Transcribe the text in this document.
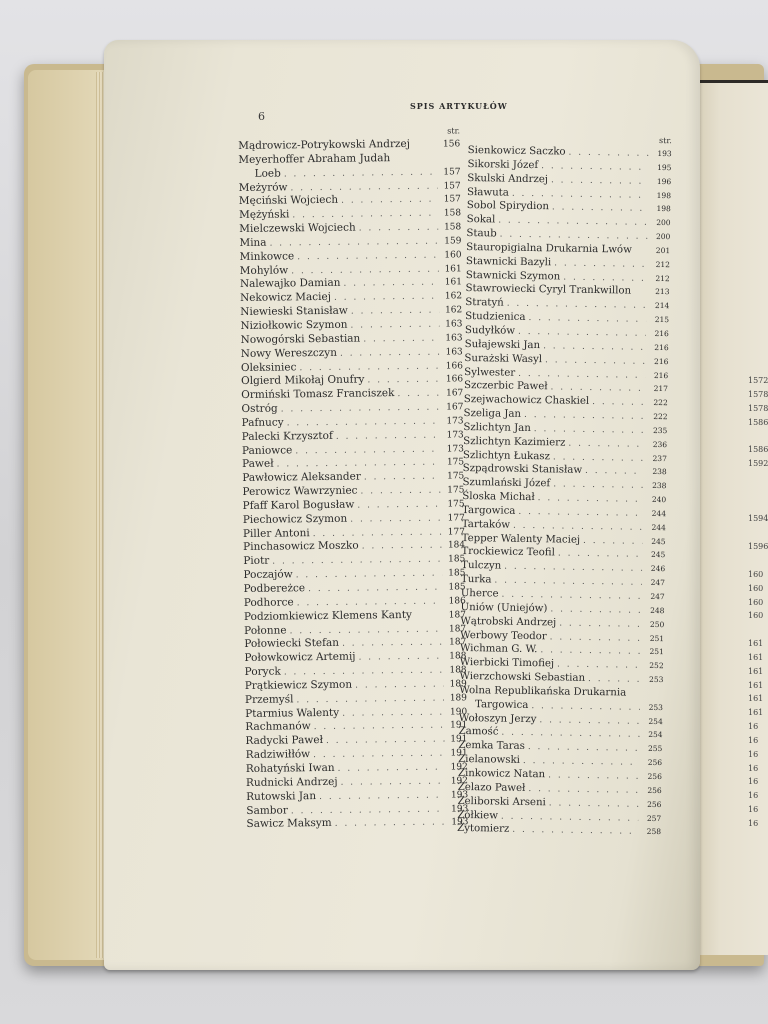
6
SPIS ARTYKUŁÓW
str.
Mądrowicz-Potrykowski Andrzej	156
Meyerhoffer Abraham Judah
Loeb . . .	157
Meżyrów . . .	157
Męciński Wojciech . . .	157
Mężyński . . .	158
Mielczewski Wojciech . . .	158
Mina . . .	159
Minkowce . . .	160
Mohylów . . .	161
Nalewajko Damian . . .	161
Nekowicz Maciej . . .	162
Niewieski Stanisław . . .	162
Niziołkowic Szymon . . .	163
Nowogórski Sebastian . . .	163
Nowy Wereszczyn . . .	163
Oleksiniec . . .	166
Olgierd Mikołaj Onufry . . .	166
Ormiński Tomasz Franciszek . . .	167
Ostróg . . .	167
Pafnucy . . .	173
Palecki Krzysztof . . .	173
Paniowce . . .	173
Paweł . . .	175
Pawłowicz Aleksander . . .	175
Perowicz Wawrzyniec . . .	175
Pfaff Karol Bogusław . . .	175
Piechowicz Szymon . . .	177
Piller Antoni . . .	177
Pinchasowicz Moszko . . .	184
Piotr . . .	185
Poczajów . . .	185
Podbereżce . . .	185
Podhorce . . .	186
Podziomkiewicz Klemens Kanty	187
Połonne . . .	187
Połowiecki Stefan . . .	187
Połowkowicz Artemij . . .	188
Poryck . . .	188
Prątkiewicz Szymon . . .	189
Przemyśl . . .	189
Ptarmius Walenty . . .	190
Rachmanów . . .	191
Radycki Paweł . . .	191
Radziwiłłów . . .	191
Rohatyński Iwan . . .	192
Rudnicki Andrzej . . .	192
Rutowski Jan . . .	193
Sambor . . .	193
Sawicz Maksym . . .	193
str.
Sienkowicz Saczko . . .	193
Sikorski Józef . . .	195
Skulski Andrzej . . .	196
Sławuta . . .	198
Sobol Spirydion . . .	198
Sokal . . .	200
Staub . . .	200
Stauropigialna Drukarnia Lwów	201
Stawnicki Bazyli . . .	212
Stawnicki Szymon . . .	212
Stawrowiecki Cyryl Trankwillon	213
Stratyń . . .	214
Studzienica . . .	215
Sudyłków . . .	216
Sułajewski Jan . . .	216
Surażski Wasyl . . .	216
Sylwester . . .	216
Szczerbic Paweł . . .	217
Szejwachowicz Chaskiel . . .	222
Szeliga Jan . . .	222
Szlichtyn Jan . . .	235
Szlichtyn Kazimierz . . .	236
Szlichtyn Łukasz . . .	237
Szpądrowski Stanisław . . .	238
Szumlański Józef . . .	238
Śloska Michał . . .	240
Targowica . . .	244
Tartaków . . .	244
Tepper Walenty Maciej . . .	245
Trockiewicz Teofil . . .	245
Tulczyn . . .	246
Turka . . .	247
Uhercе . . .	247
Uniów (Uniejów) . . .	248
Wątrobski Andrzej . . .	250
Werbowy Teodor . . .	251
Wichman G. W. . . .	251
Wierbicki Timofiej . . .	252
Wierzchowski Sebastian . . .	253
Wolna Republikańska Drukarnia
Targowica . . .	253
Wołoszyn Jerzy . . .	254
Zamość . . .	254
Zemka Taras . . .	255
Zielanowski . . .	256
Zinkowicz Natan . . .	256
Żelazo Paweł . . .	256
Żeliborski Arseni . . .	256
Żółkiew . . .	257
Żytomierz . . .	258
1572
1578
1578
1586
1586
1592
1594
1596
160
160
160
160
161
161
161
161
161
161
16
16
16
16
16
16
16
16
